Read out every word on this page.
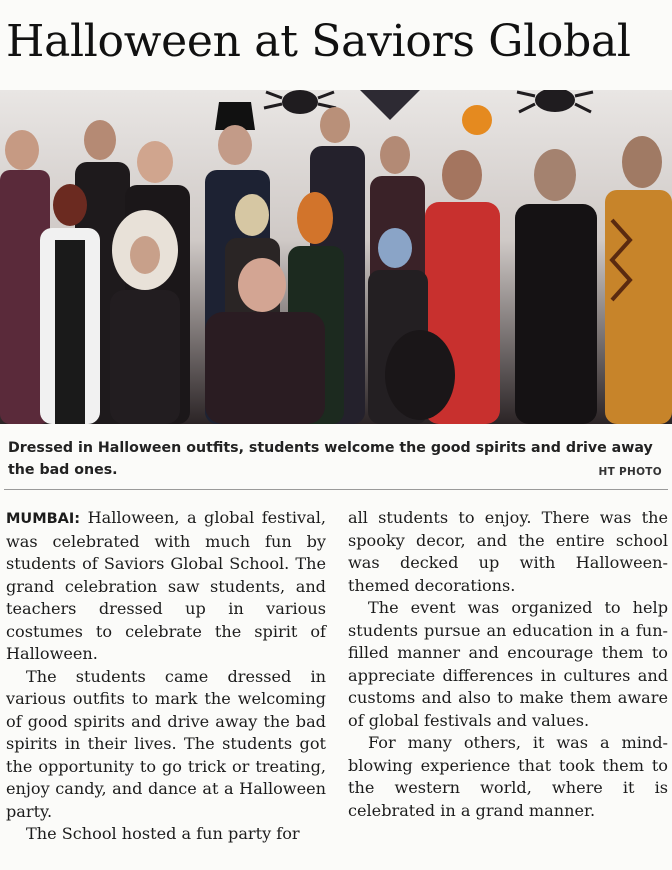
Halloween at Saviors Global
Dressed in Halloween outfits, students welcome the good spirits and drive away the bad ones.	HT PHOTO

MUMBAI: Halloween, a global festival, was celebrated with much fun by students of Saviors Global School. The grand celebration saw students, and teachers dressed up in various costumes to celebrate the spirit of Halloween.

The students came dressed in various outfits to mark the welcoming of good spirits and drive away the bad spirits in their lives. The students got the opportunity to go trick or treating, enjoy candy, and dance at a Halloween party.

The School hosted a fun party for

all students to enjoy. There was the spooky decor, and the entire school was decked up with Halloween-themed decorations.

The event was organized to help students pursue an education in a fun-filled manner and encourage them to appreciate differences in cultures and customs and also to make them aware of global festivals and values.

For many others, it was a mind-blowing experience that took them to the western world, where it is celebrated in a grand manner.
